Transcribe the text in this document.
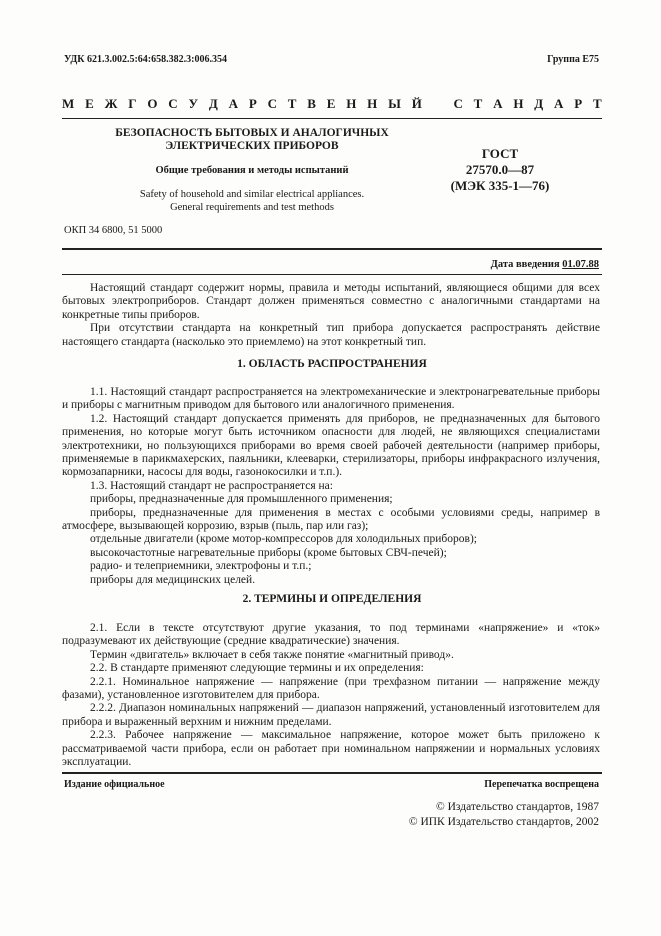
УДК 621.3.002.5:64:658.382.3:006.354	Группа Е75
М Е Ж Г О С У Д А Р С Т В Е Н Н Ы Й С Т А Н Д А Р Т
БЕЗОПАСНОСТЬ БЫТОВЫХ И АНАЛОГИЧНЫХ
ЭЛЕКТРИЧЕСКИХ ПРИБОРОВ
Общие требования и методы испытаний
Safety of household and similar electrical appliances.
General requirements and test methods
ОКП 34 6800, 51 5000
ГОСТ
27570.0—87
(МЭК 335-1—76)
Дата введения 01.07.88

Настоящий стандарт содержит нормы, правила и методы испытаний, являющиеся общими для всех бытовых электроприборов. Стандарт должен применяться совместно с аналогичными стандартами на конкретные типы приборов.

При отсутствии стандарта на конкретный тип прибора допускается распространять действие настоящего стандарта (насколько это приемлемо) на этот конкретный тип.

1. ОБЛАСТЬ РАСПРОСТРАНЕНИЯ

1.1. Настоящий стандарт распространяется на электромеханические и электронагревательные приборы и приборы с магнитным приводом для бытового или аналогичного применения.

1.2. Настоящий стандарт допускается применять для приборов, не предназначенных для бытового применения, но которые могут быть источником опасности для людей, не являющихся специалистами электротехники, но пользующихся приборами во время своей рабочей деятельности (например приборы, применяемые в парикмахерских, паяльники, клееварки, стерилизаторы, приборы инфракрасного излучения, кормозапарники, насосы для воды, газонокосилки и т.п.).

1.3. Настоящий стандарт не распространяется на:

приборы, предназначенные для промышленного применения;

приборы, предназначенные для применения в местах с особыми условиями среды, например в атмосфере, вызывающей коррозию, взрыв (пыль, пар или газ);

отдельные двигатели (кроме мотор-компрессоров для холодильных приборов);

высокочастотные нагревательные приборы (кроме бытовых СВЧ-печей);

радио- и телеприемники, электрофоны и т.п.;

приборы для медицинских целей.

2. ТЕРМИНЫ И ОПРЕДЕЛЕНИЯ

2.1. Если в тексте отсутствуют другие указания, то под терминами «напряжение» и «ток» подразумевают их действующие (средние квадратические) значения.

Термин «двигатель» включает в себя также понятие «магнитный привод».

2.2. В стандарте применяют следующие термины и их определения:

2.2.1. Номинальное напряжение — напряжение (при трехфазном питании — напряжение между фазами), установленное изготовителем для прибора.

2.2.2. Диапазон номинальных напряжений — диапазон напряжений, установленный изготовителем для прибора и выраженный верхним и нижним пределами.

2.2.3. Рабочее напряжение — максимальное напряжение, которое может быть приложено к рассматриваемой части прибора, если он работает при номинальном напряжении и нормальных условиях эксплуатации.

Издание официальное	Перепечатка воспрещена
© Издательство стандартов, 1987
© ИПК Издательство стандартов, 2002
